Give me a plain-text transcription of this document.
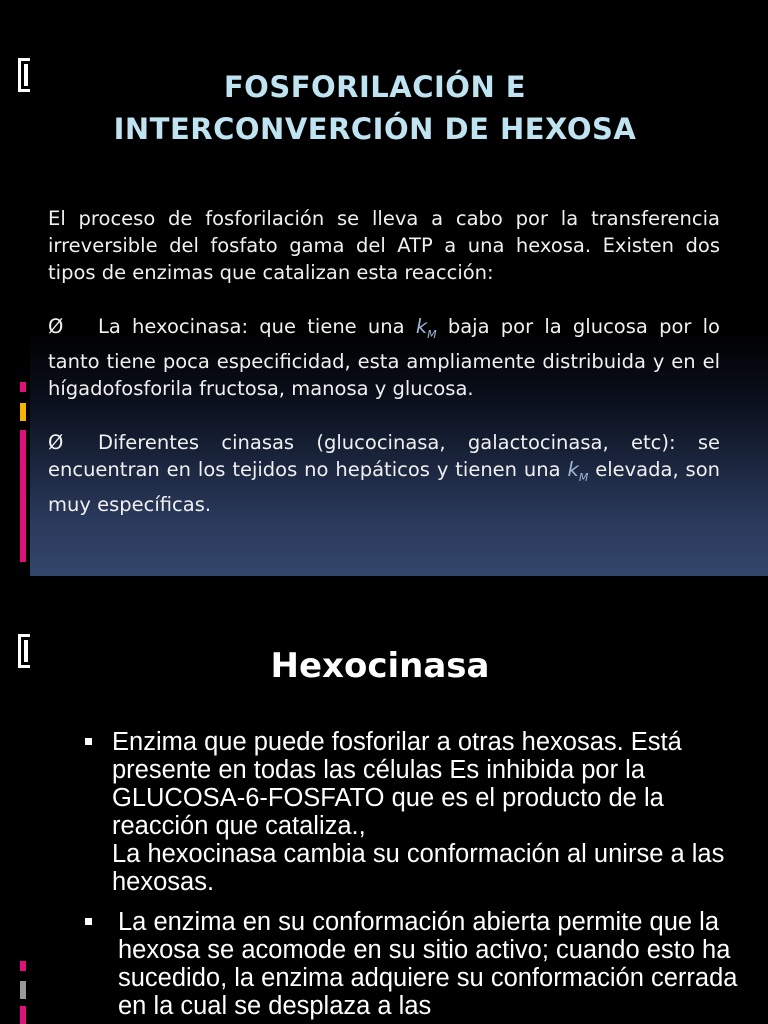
FOSFORILACIÓN E
INTERCONVERCIÓN DE HEXOSA

El proceso de fosforilación se lleva a cabo por la transferencia irreversible del fosfato gama del ATP a una hexosa. Existen dos tipos de enzimas que catalizan esta reacción:

Ø La hexocinasa: que tiene una $k_M$ baja por la glucosa por lo tanto tiene poca especificidad, esta ampliamente distribuida y en el hígadofosforila fructosa, manosa y glucosa.

Ø Diferentes cinasas (glucocinasa, galactocinasa, etc): se encuentran en los tejidos no hepáticos y tienen una $k_M$ elevada, son muy específicas.

Hexocinasa
Enzima que puede fosforilar a otras hexosas. Está presente en todas las células Es inhibida por la GLUCOSA-6-FOSFATO que es el producto de la reacción que cataliza.,
La hexocinasa cambia su conformación al unirse a las hexosas.
La enzima en su conformación abierta permite que la hexosa se acomode en su sitio activo; cuando esto ha sucedido, la enzima adquiere su conformación cerrada en la cual se desplaza a las
